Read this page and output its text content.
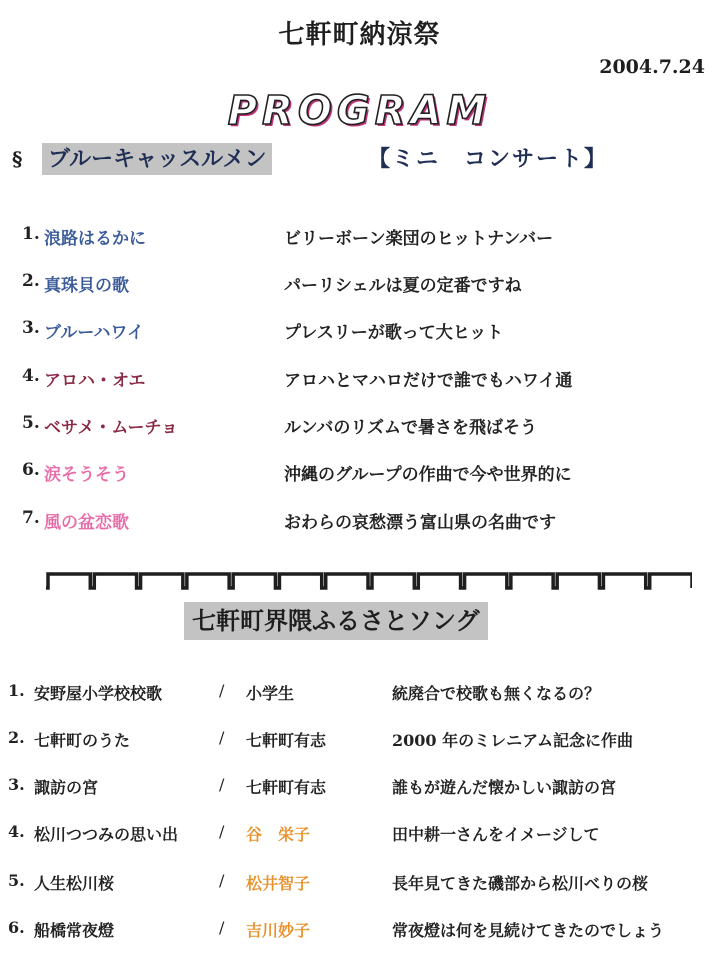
七軒町納涼祭
2004.7.24
PROGRAM
§ ブルーキャッスルメン	【ミニ　コンサート】
1. 浪路はるかに	ビリーボーン楽団のヒットナンバー
2. 真珠貝の歌	パーリシェルは夏の定番ですね
3. ブルーハワイ	プレスリーが歌って大ヒット
4. アロハ・オエ	アロハとマハロだけで誰でもハワイ通
5. ベサメ・ムーチョ	ルンバのリズムで暑さを飛ばそう
6. 涙そうそう	沖縄のグループの作曲で今や世界的に
7. 風の盆恋歌	おわらの哀愁漂う富山県の名曲です
七軒町界隈ふるさとソング
1. 安野屋小学校校歌	/ 小学生	統廃合で校歌も無くなるの？
2. 七軒町のうた	/ 七軒町有志	2000 年のミレニアム記念に作曲
3. 諏訪の宮	/ 七軒町有志	誰もが遊んだ懐かしい諏訪の宮
4. 松川つつみの思い出	/ 谷　栄子	田中耕一さんをイメージして
5. 人生松川桜	/ 松井智子	長年見てきた磯部から松川べりの桜
6. 船橋常夜燈	/ 吉川妙子	常夜燈は何を見続けてきたのでしょう
